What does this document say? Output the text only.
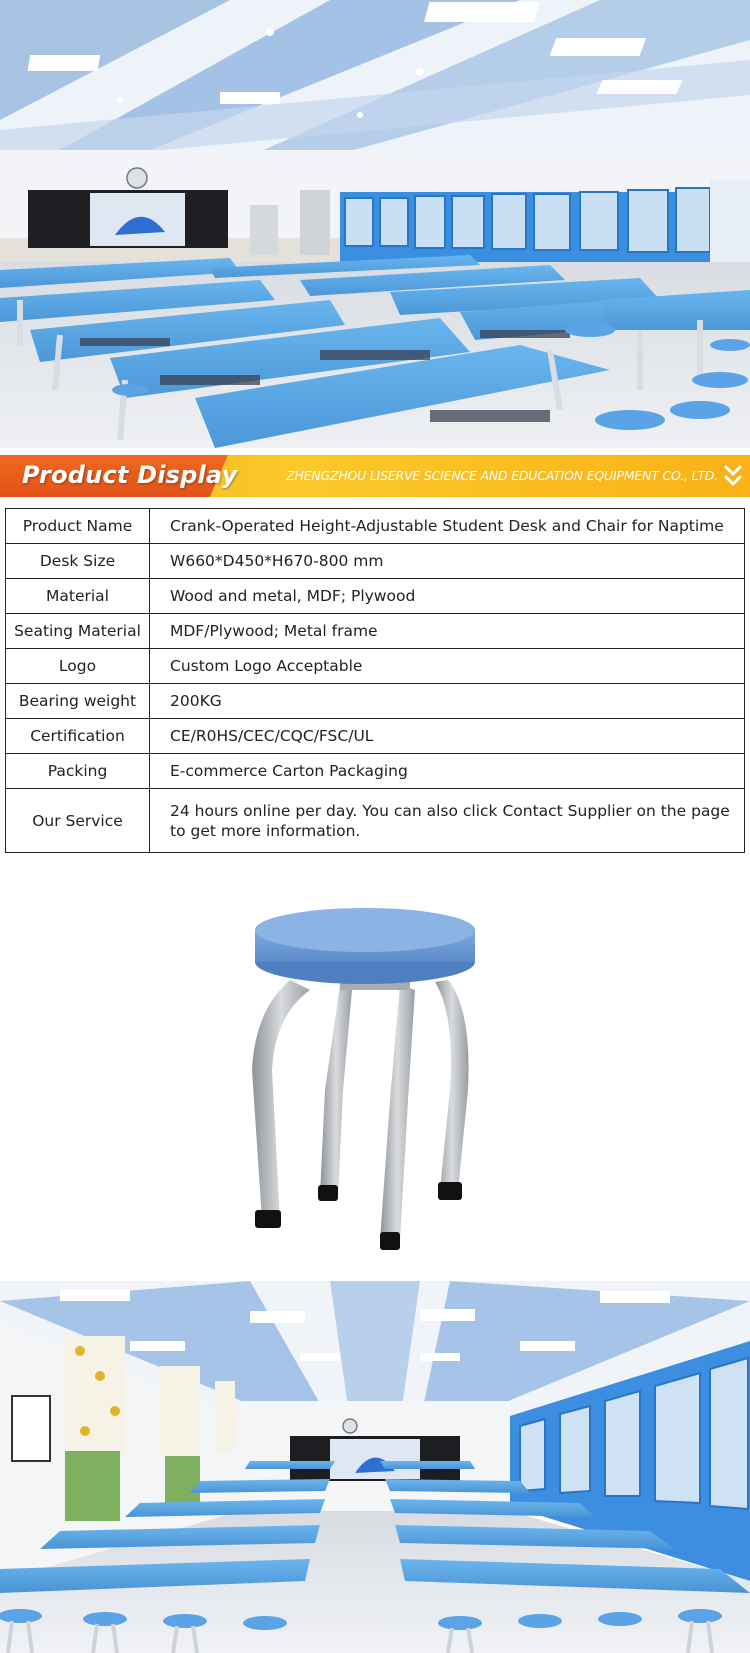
Product Display	ZHENGZHOU LISERVE SCIENCE AND EDUCATION EQUIPMENT CO., LTD.
Product Name	Crank-Operated Height-Adjustable Student Desk and Chair for Naptime
Desk Size	W660*D450*H670-800 mm
Material	Wood and metal, MDF; Plywood
Seating Material	MDF/Plywood; Metal frame
Logo	Custom Logo Acceptable
Bearing weight	200KG
Certification	CE/R0HS/CEC/CQC/FSC/UL
Packing	E-commerce Carton Packaging
Our Service	24 hours online per day. You can also click Contact Supplier on the page to get more information.
